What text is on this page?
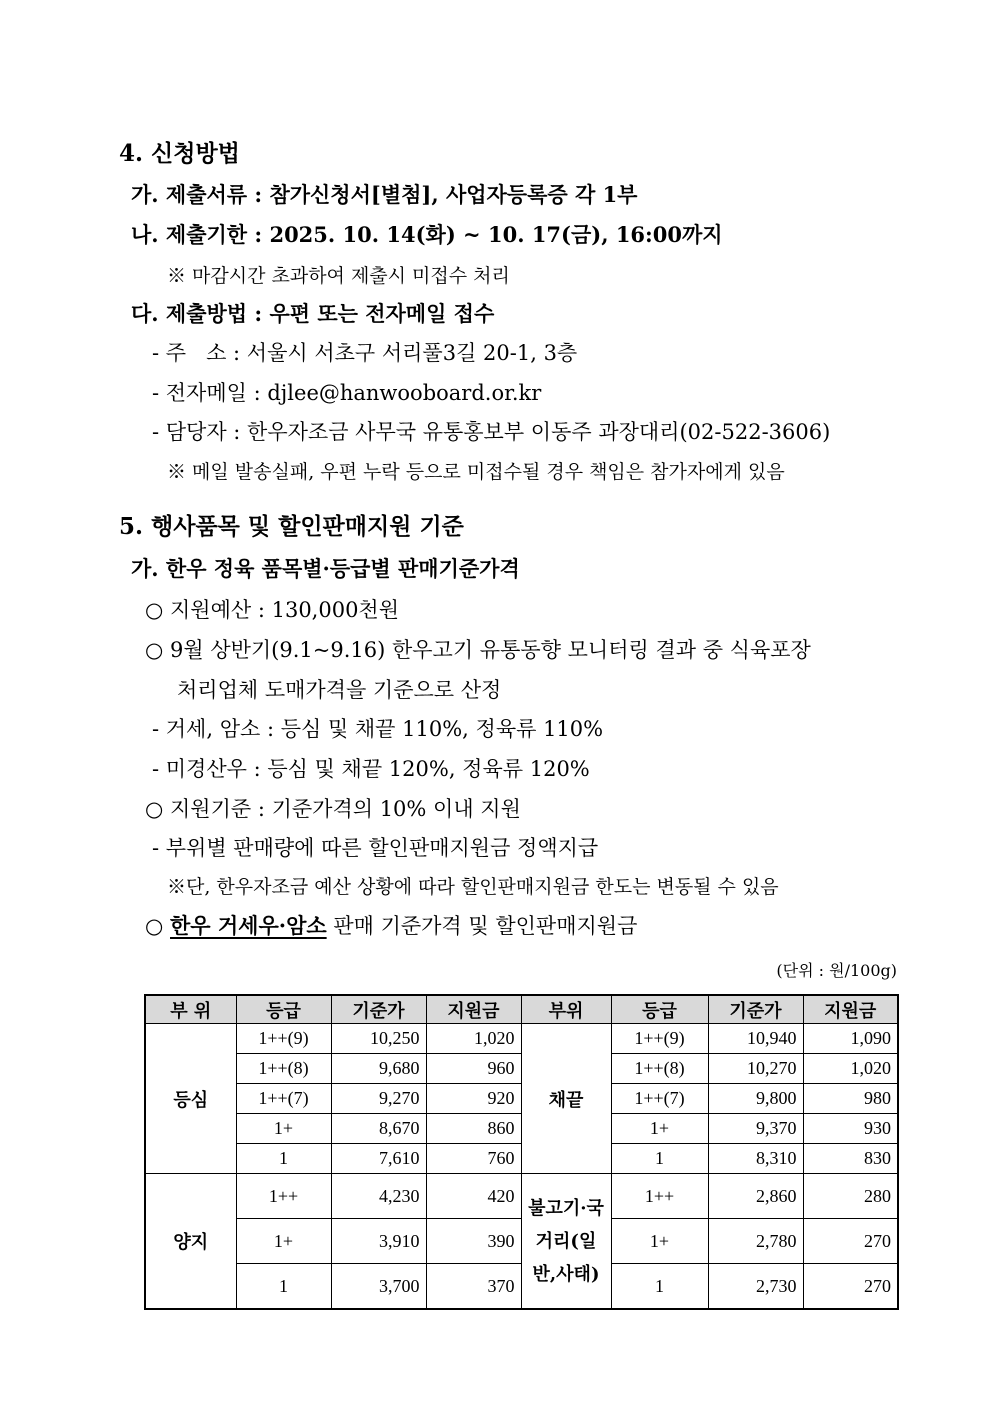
4. 신청방법
가. 제출서류 : 참가신청서[별첨], 사업자등록증 각 1부
나. 제출기한 : 2025. 10. 14(화) ~ 10. 17(금), 16:00까지
※ 마감시간 초과하여 제출시 미접수 처리
다. 제출방법 : 우편 또는 전자메일 접수
- 주   소 : 서울시 서초구 서리풀3길 20-1, 3층
- 전자메일 : djlee@hanwooboard.or.kr
- 담당자 : 한우자조금 사무국 유통홍보부 이동주 과장대리(02-522-3606)
※ 메일 발송실패, 우편 누락 등으로 미접수될 경우 책임은 참가자에게 있음
5. 행사품목 및 할인판매지원 기준
가. 한우 정육 품목별·등급별 판매기준가격
○ 지원예산 : 130,000천원
○ 9월 상반기(9.1~9.16) 한우고기 유통동향 모니터링 결과 중 식육포장
처리업체 도매가격을 기준으로 산정
- 거세, 암소 : 등심 및 채끝 110%, 정육류 110%
- 미경산우 : 등심 및 채끝 120%, 정육류 120%
○ 지원기준 : 기준가격의 10% 이내 지원
- 부위별 판매량에 따른 할인판매지원금 정액지급
※단, 한우자조금 예산 상황에 따라 할인판매지원금 한도는 변동될 수 있음
○ 한우 거세우·암소 판매 기준가격 및 할인판매지원금
(단위 : 원/100g)
부 위	등급	기준가	지원금	부위	등급	기준가	지원금
등심	1++(9)	10,250	1,020	채끝	1++(9)	10,940	1,090
	1++(8)	9,680	960		1++(8)	10,270	1,020
	1++(7)	9,270	920		1++(7)	9,800	980
	1+	8,670	860		1+	9,370	930
	1	7,610	760		1	8,310	830
양지	1++	4,230	420	불고기·국거리(일반,사태)	1++	2,860	280
	1+	3,910	390		1+	2,780	270
	1	3,700	370		1	2,730	270
